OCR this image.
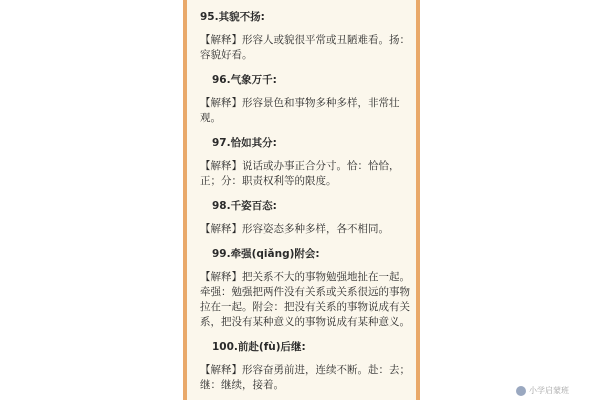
95.其貌不扬:

【解释】形容人或貌很平常或丑陋难看。扬：容貌好看。

96.气象万千:

【解释】形容景色和事物多种多样，非常壮观。

97.恰如其分:

【解释】说话或办事正合分寸。恰：恰恰，正；分：职责权利等的限度。

98.千姿百态:

【解释】形容姿态多种多样，各不相同。

99.牵强(qiǎng)附会:

【解释】把关系不大的事物勉强地扯在一起。牵强：勉强把两件没有关系或关系很远的事物拉在一起。附会：把没有关系的事物说成有关系，把没有某种意义的事物说成有某种意义。

100.前赴(fù)后继:

【解释】形容奋勇前进，连续不断。赴：去；继：继续，接着。	小学启蒙班
